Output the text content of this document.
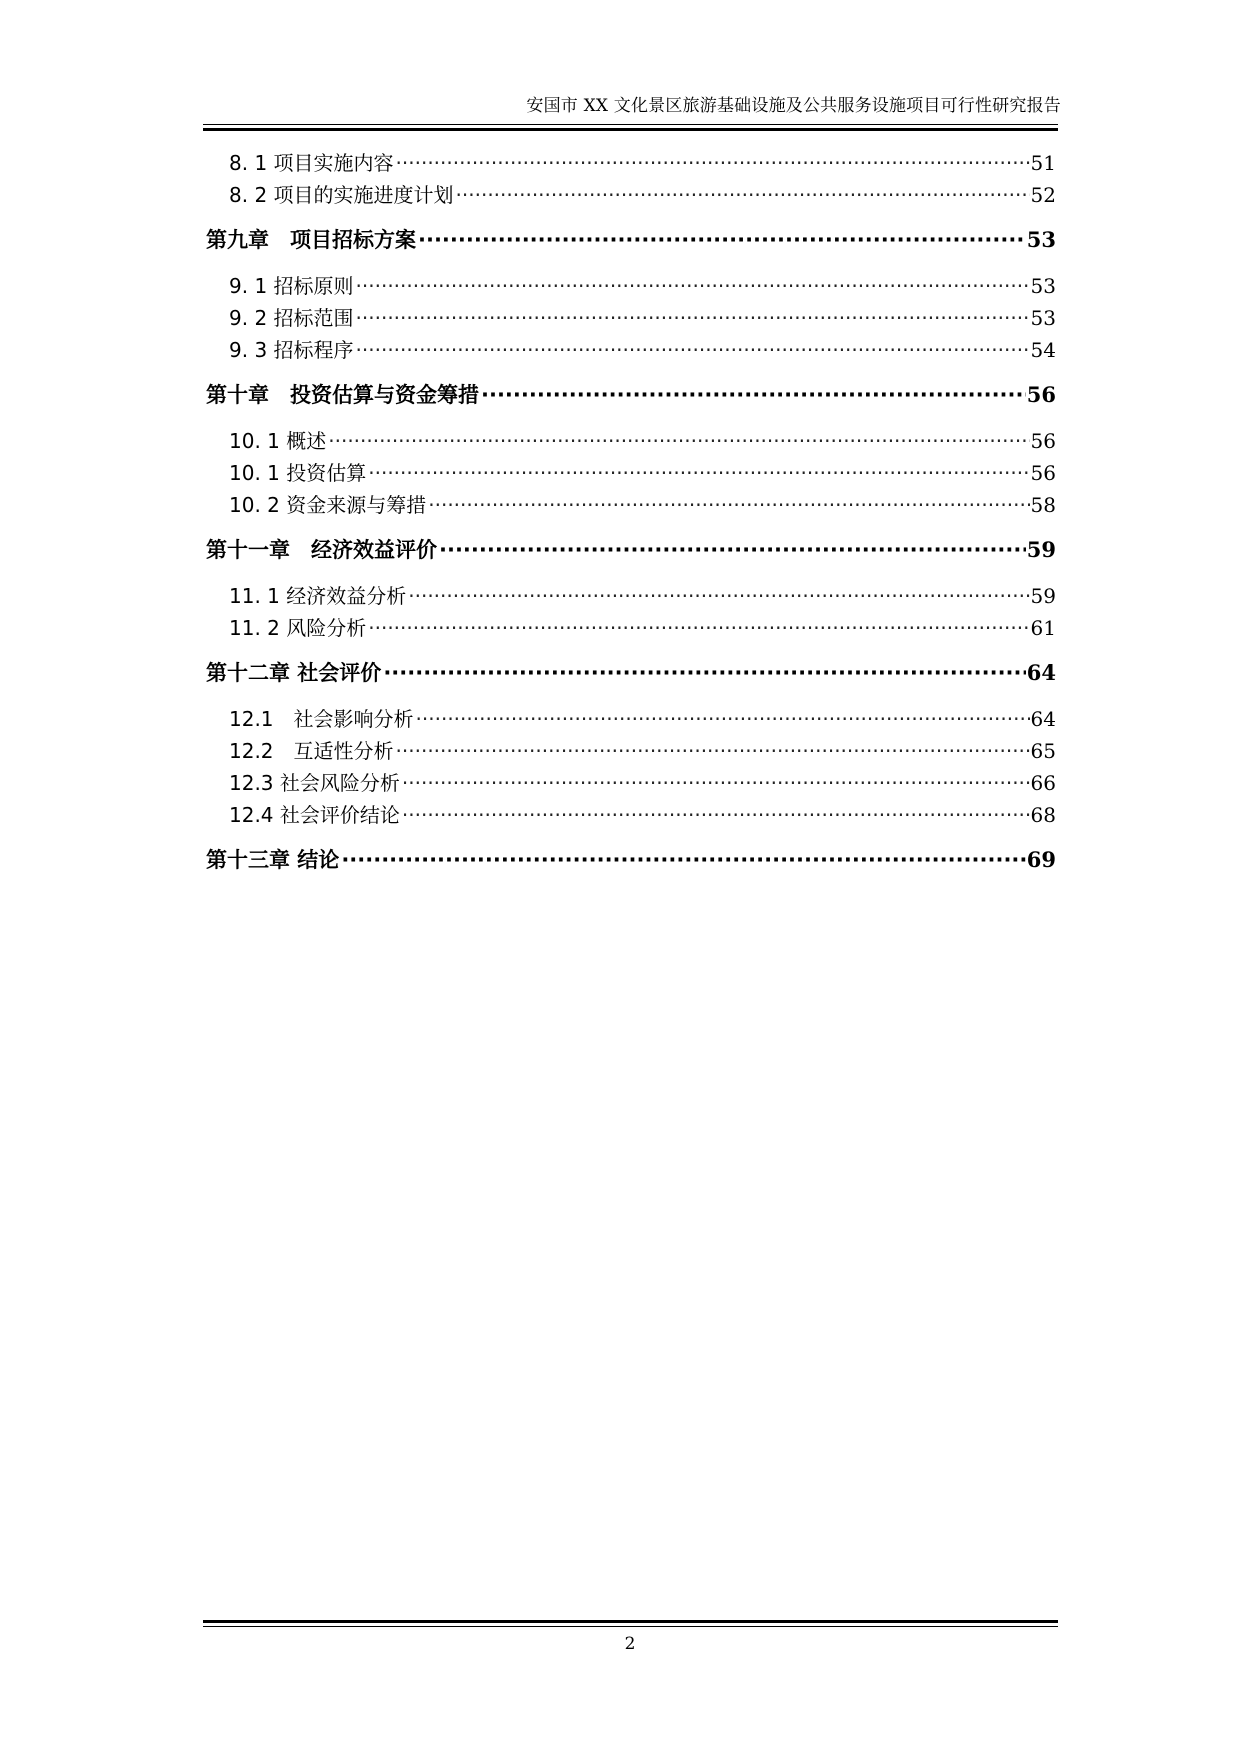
安国市 XX 文化景区旅游基础设施及公共服务设施项目可行性研究报告
8. 1 项目实施内容 ·····	51
8. 2 项目的实施进度计划 ·····	52
第九章　项目招标方案 ·····	53
9. 1 招标原则 ·····	53
9. 2 招标范围 ·····	53
9. 3 招标程序 ·····	54
第十章　投资估算与资金筹措 ·····	56
10. 1 概述 ·····	56
10. 1 投资估算 ·····	56
10. 2 资金来源与筹措 ·····	58
第十一章　经济效益评价 ·····	59
11. 1 经济效益分析 ·····	59
11. 2 风险分析 ·····	61
第十二章 社会评价 ·····	64
12.1　社会影响分析 ·····	64
12.2　互适性分析 ·····	65
12.3 社会风险分析 ·····	66
12.4 社会评价结论 ·····	68
第十三章 结论 ·····	69
2
